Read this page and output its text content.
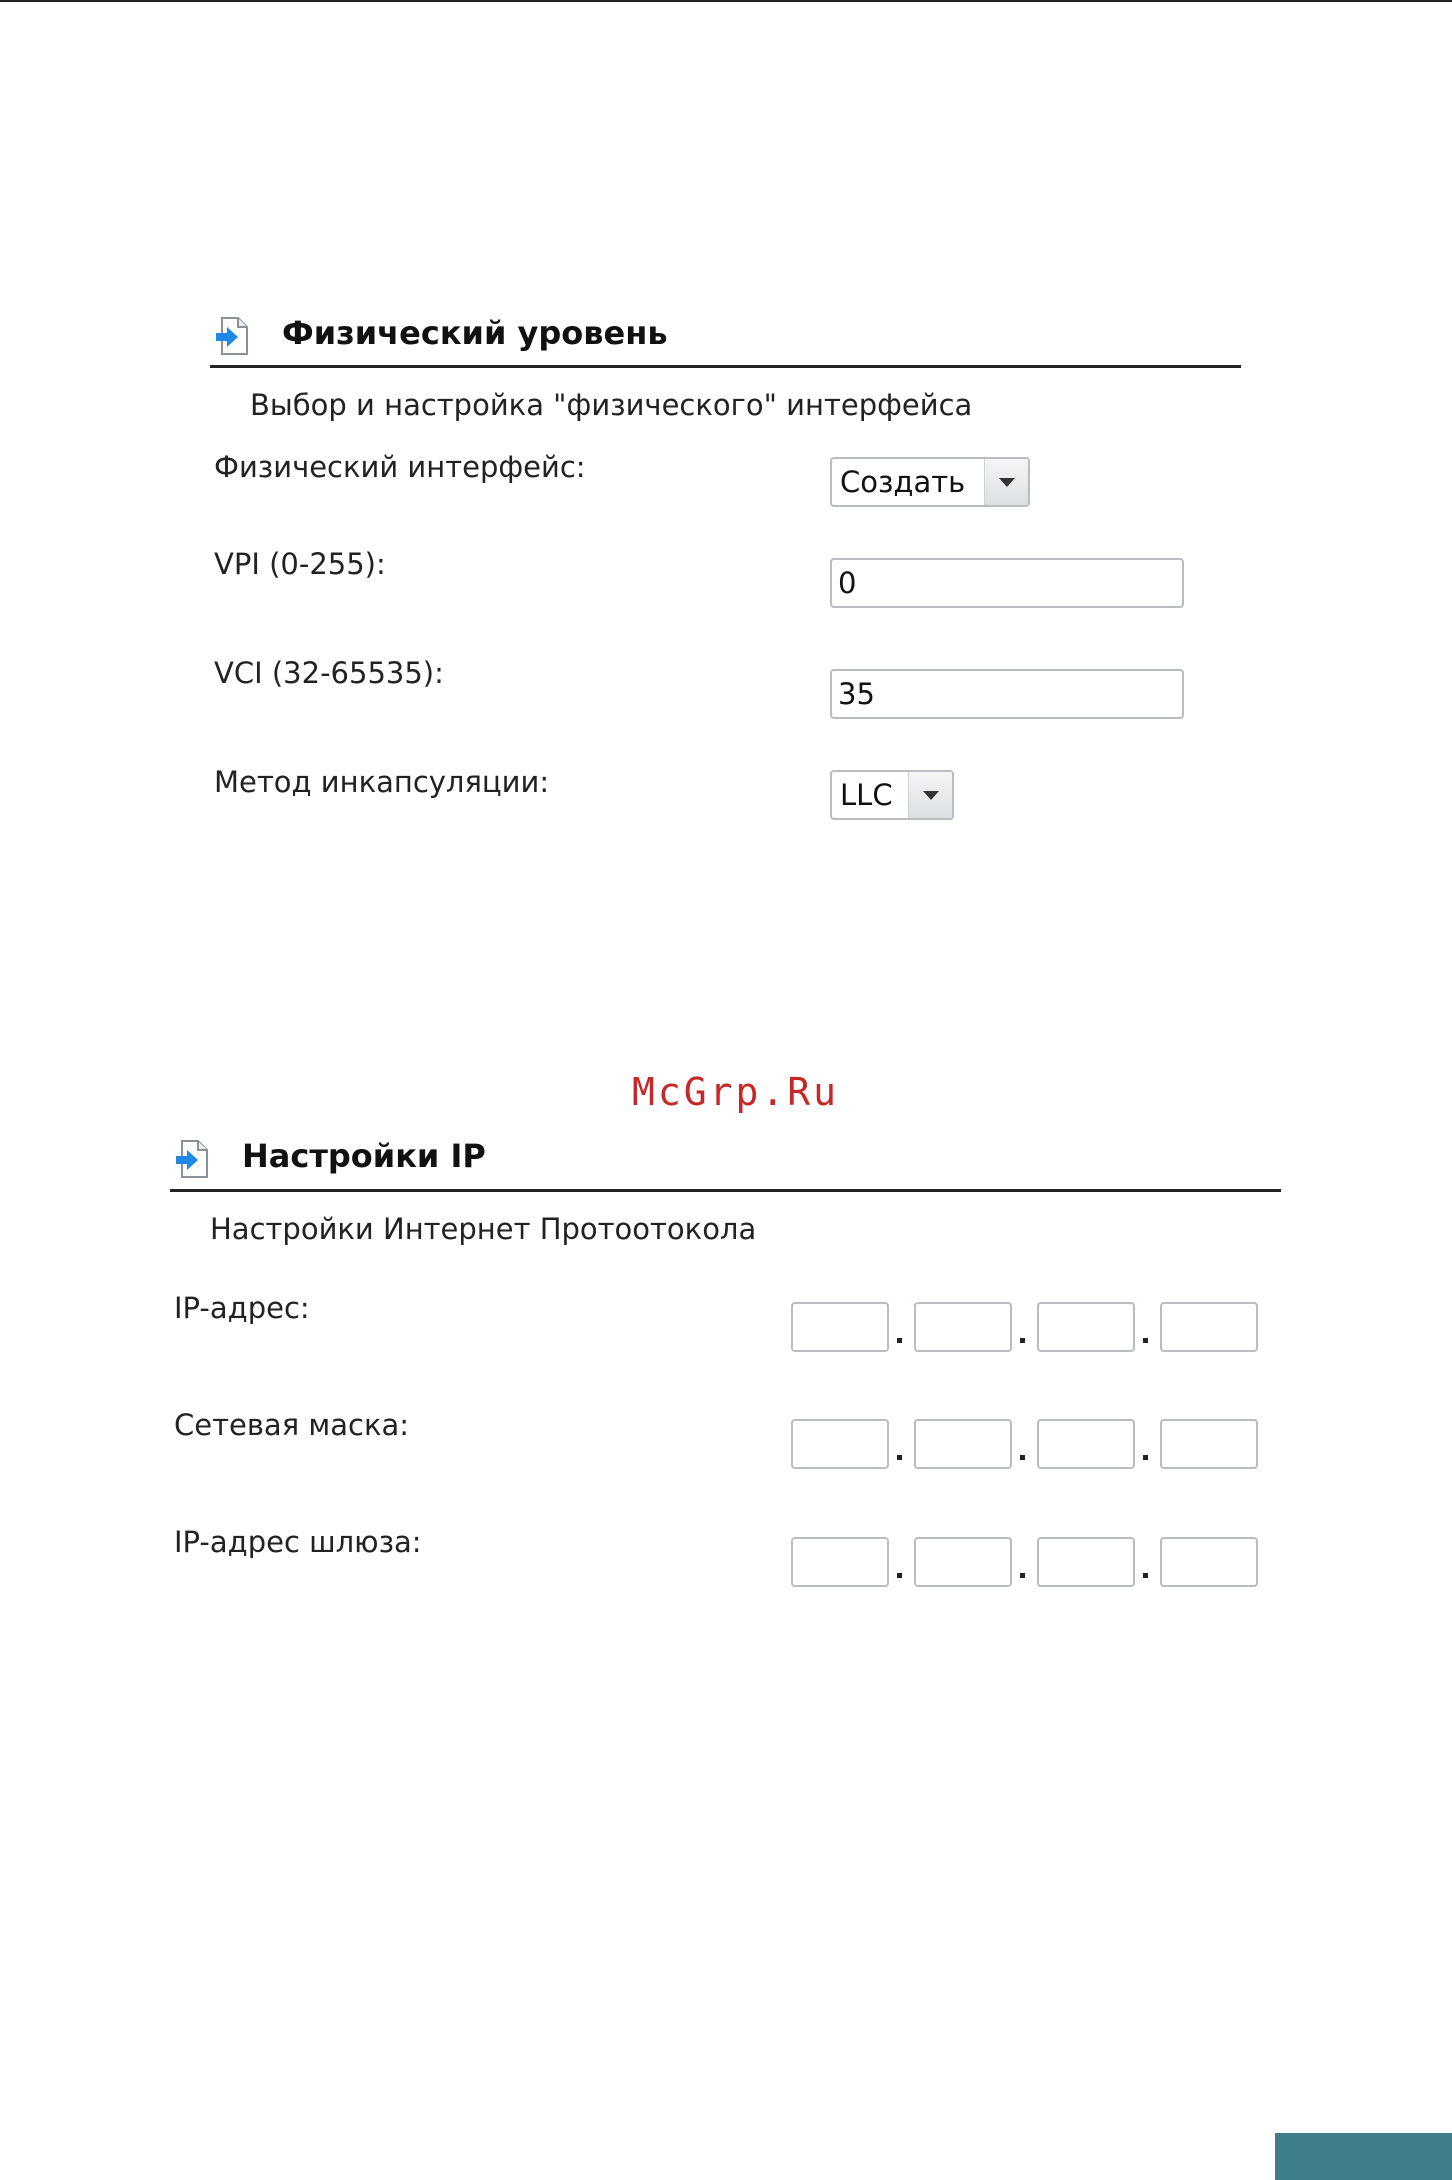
Физический уровень
Выбор и настройка "физического" интерфейса
Физический интерфейс:	Создать
VPI (0-255):
0
VCI (32-65535):
35
Метод инкапсуляции:	LLC
McGrp.Ru
Настройки IP
Настройки Интернет Протоотокола
IP-адрес:
Сетевая маска:
IP-адрес шлюза:
